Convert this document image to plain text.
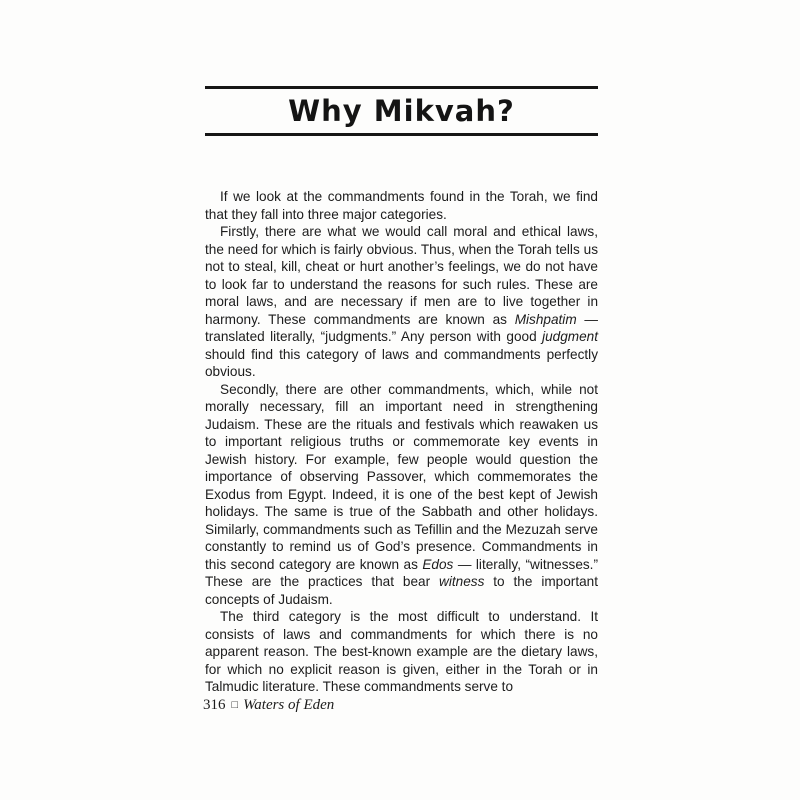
Why Mikvah?

If we look at the commandments found in the Torah, we find that they fall into three major categories.

Firstly, there are what we would call moral and ethical laws, the need for which is fairly obvious. Thus, when the Torah tells us not to steal, kill, cheat or hurt another’s feelings, we do not have to look far to understand the reasons for such rules. These are moral laws, and are necessary if men are to live together in harmony. These commandments are known as Mishpatim — translated literally, “judgments.” Any person with good judgment should find this category of laws and commandments perfectly obvious.

Secondly, there are other commandments, which, while not morally necessary, fill an important need in strengthening Judaism. These are the rituals and festivals which reawaken us to important religious truths or commemorate key events in Jewish history. For example, few people would question the importance of observing Passover, which commemorates the Exodus from Egypt. Indeed, it is one of the best kept of Jewish holidays. The same is true of the Sabbath and other holidays. Similarly, commandments such as Tefillin and the Mezuzah serve constantly to remind us of God’s presence. Commandments in this second category are known as Edos — literally, “witnesses.” These are the practices that bear witness to the important concepts of Judaism.

The third category is the most difficult to understand. It consists of laws and commandments for which there is no apparent reason. The best-known example are the dietary laws, for which no explicit reason is given, either in the Torah or in Talmudic literature. These commandments serve to

316 □ Waters of Eden
